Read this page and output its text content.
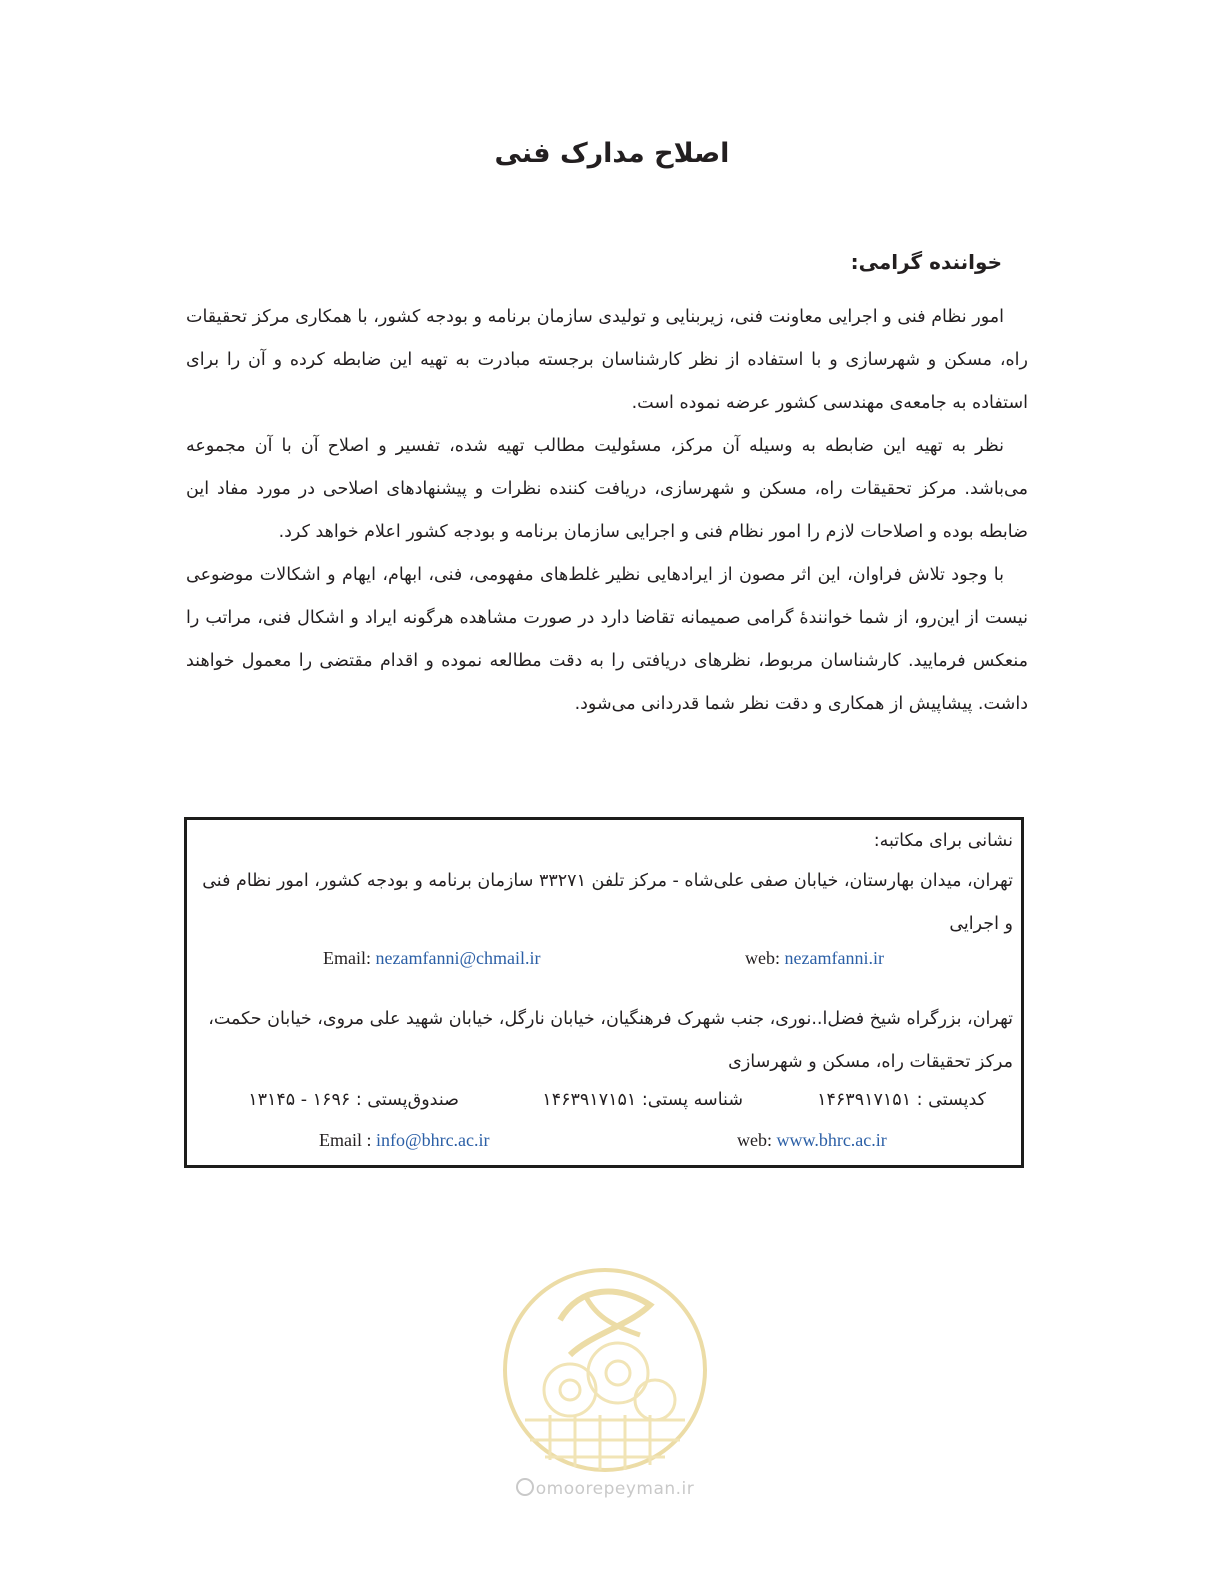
اصلاح مدارک فنی
خواننده گرامی:

امور نظام فنی و اجرایی معاونت فنی، زیربنایی و تولیدی سازمان برنامه و بودجه کشور، با همکاری مرکز تحقیقات راه، مسکن و شهرسازی و با استفاده از نظر کارشناسان برجسته مبادرت به تهیه این ضابطه کرده و آن را برای استفاده به جامعه‌ی مهندسی کشور عرضه نموده است.

نظر به تهیه این ضابطه به وسیله آن مرکز، مسئولیت مطالب تهیه شده، تفسیر و اصلاح آن با آن مجموعه می‌باشد. مرکز تحقیقات راه، مسکن و شهرسازی، دریافت کننده نظرات و پیشنهادهای اصلاحی در مورد مفاد این ضابطه بوده و اصلاحات لازم را امور نظام فنی و اجرایی سازمان برنامه و بودجه کشور اعلام خواهد کرد.

با وجود تلاش فراوان، این اثر مصون از ایرادهایی نظیر غلط‌های مفهومی، فنی، ابهام، ایهام و اشکالات موضوعی نیست از این‌رو، از شما خوانندهٔ گرامی صمیمانه تقاضا دارد در صورت مشاهده هرگونه ایراد و اشکال فنی، مراتب را منعکس فرمایید. کارشناسان مربوط، نظرهای دریافتی را به دقت مطالعه نموده و اقدام مقتضی را معمول خواهند داشت. پیشاپیش از همکاری و دقت نظر شما قدردانی می‌شود.

نشانی برای مکاتبه:
تهران، میدان بهارستان، خیابان صفی علی‌شاه - مرکز تلفن ۳۳۲۷۱ سازمان برنامه و بودجه کشور، امور نظام فنی و اجرایی
Email: nezamfanni@chmail.ir	web: nezamfanni.ir
تهران، بزرگراه شیخ فضل‌ا..نوری، جنب شهرک فرهنگیان، خیابان نارگل، خیابان شهید علی مروی، خیابان حکمت، مرکز تحقیقات راه، مسکن و شهرسازی
کدپستی : ۱۴۶۳۹۱۷۱۵۱
شناسه پستی: ۱۴۶۳۹۱۷۱۵۱
صندوق‌پستی : ۱۶۹۶ - ۱۳۱۴۵
Email : info@bhrc.ac.ir	web: www.bhrc.ac.ir
omoorepeyman.ir
